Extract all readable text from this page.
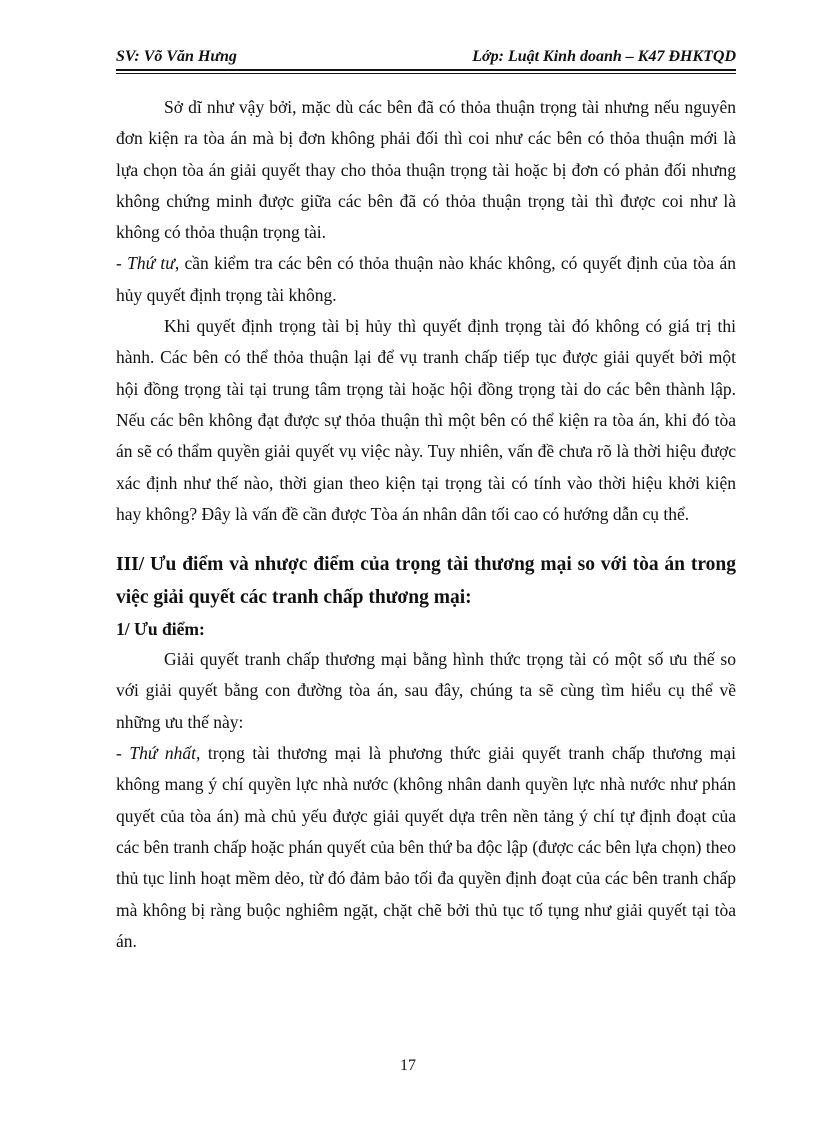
SV: Võ Văn Hưng	Lớp: Luật Kinh doanh – K47 ĐHKTQD

Sở dĩ như vậy bởi, mặc dù các bên đã có thỏa thuận trọng tài nhưng nếu nguyên đơn kiện ra tòa án mà bị đơn không phải đối thì coi như các bên có thỏa thuận mới là lựa chọn tòa án giải quyết thay cho thỏa thuận trọng tài hoặc bị đơn có phản đối nhưng không chứng minh được giữa các bên đã có thỏa thuận trọng tài thì được coi như là không có thỏa thuận trọng tài.

- Thứ tư, cần kiểm tra các bên có thỏa thuận nào khác không, có quyết định của tòa án hủy quyết định trọng tài không.

Khi quyết định trọng tài bị hủy thì quyết định trọng tài đó không có giá trị thi hành. Các bên có thể thỏa thuận lại để vụ tranh chấp tiếp tục được giải quyết bởi một hội đồng trọng tài tại trung tâm trọng tài hoặc hội đồng trọng tài do các bên thành lập. Nếu các bên không đạt được sự thỏa thuận thì một bên có thể kiện ra tòa án, khi đó tòa án sẽ có thẩm quyền giải quyết vụ việc này. Tuy nhiên, vấn đề chưa rõ là thời hiệu được xác định như thế nào, thời gian theo kiện tại trọng tài có tính vào thời hiệu khởi kiện hay không? Đây là vấn đề cần được Tòa án nhân dân tối cao có hướng dẫn cụ thể.

III/ Ưu điểm và nhược điểm của trọng tài thương mại so với tòa án trong việc giải quyết các tranh chấp thương mại:

1/ Ưu điểm:

Giải quyết tranh chấp thương mại bằng hình thức trọng tài có một số ưu thế so với giải quyết bằng con đường tòa án, sau đây, chúng ta sẽ cùng tìm hiểu cụ thể về những ưu thế này:

- Thứ nhất, trọng tài thương mại là phương thức giải quyết tranh chấp thương mại không mang ý chí quyền lực nhà nước (không nhân danh quyền lực nhà nước như phán quyết của tòa án) mà chủ yếu được giải quyết dựa trên nền tảng ý chí tự định đoạt của các bên tranh chấp hoặc phán quyết của bên thứ ba độc lập (được các bên lựa chọn) theo thủ tục linh hoạt mềm dẻo, từ đó đảm bảo tối đa quyền định đoạt của các bên tranh chấp mà không bị ràng buộc nghiêm ngặt, chặt chẽ bởi thủ tục tố tụng như giải quyết tại tòa án.

17
